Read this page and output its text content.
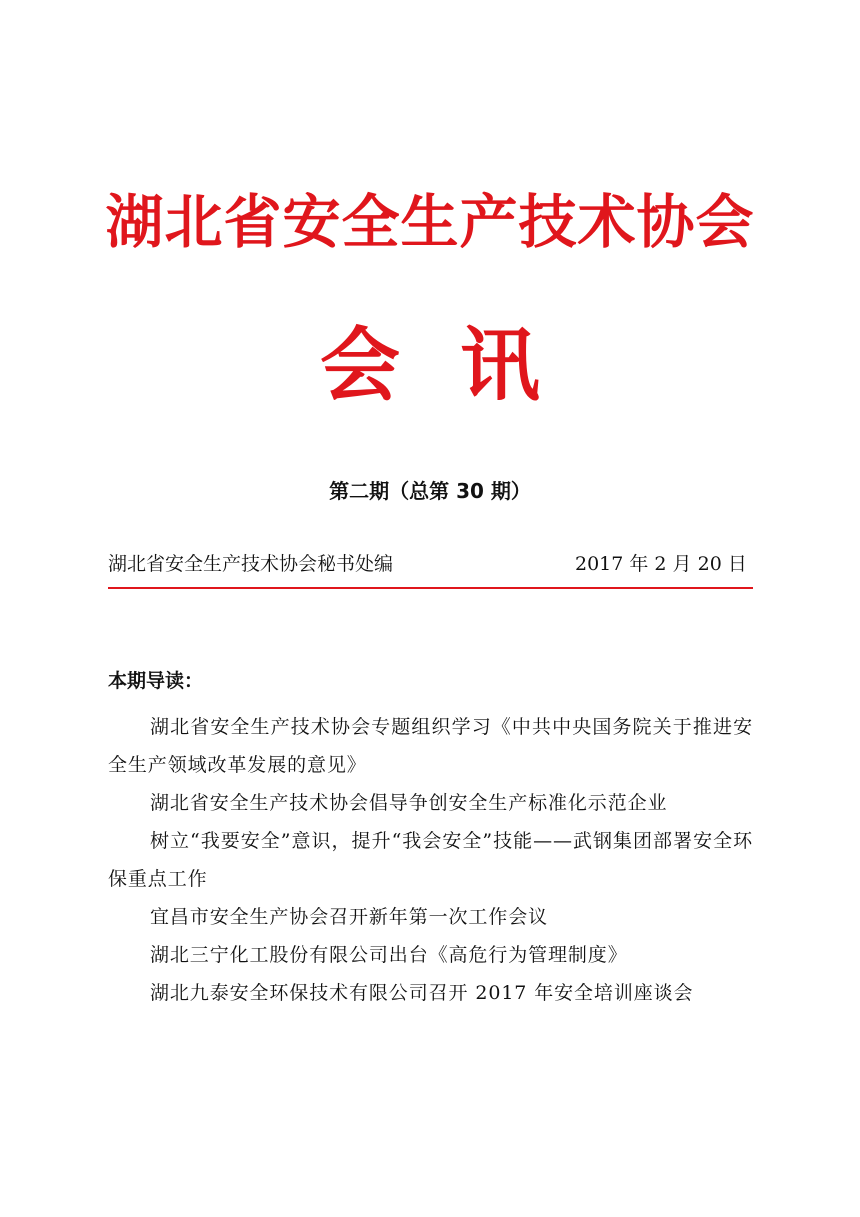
湖北省安全生产技术协会
会讯
第二期（总第 30 期）
湖北省安全生产技术协会秘书处编	2017 年 2 月 20 日
本期导读：
湖北省安全生产技术协会专题组织学习《中共中央国务院关于推进安全生产领域改革发展的意见》
湖北省安全生产技术协会倡导争创安全生产标准化示范企业
树立“我要安全”意识，提升“我会安全”技能——武钢集团部署安全环保重点工作
宜昌市安全生产协会召开新年第一次工作会议
湖北三宁化工股份有限公司出台《高危行为管理制度》
湖北九泰安全环保技术有限公司召开 2017 年安全培训座谈会
